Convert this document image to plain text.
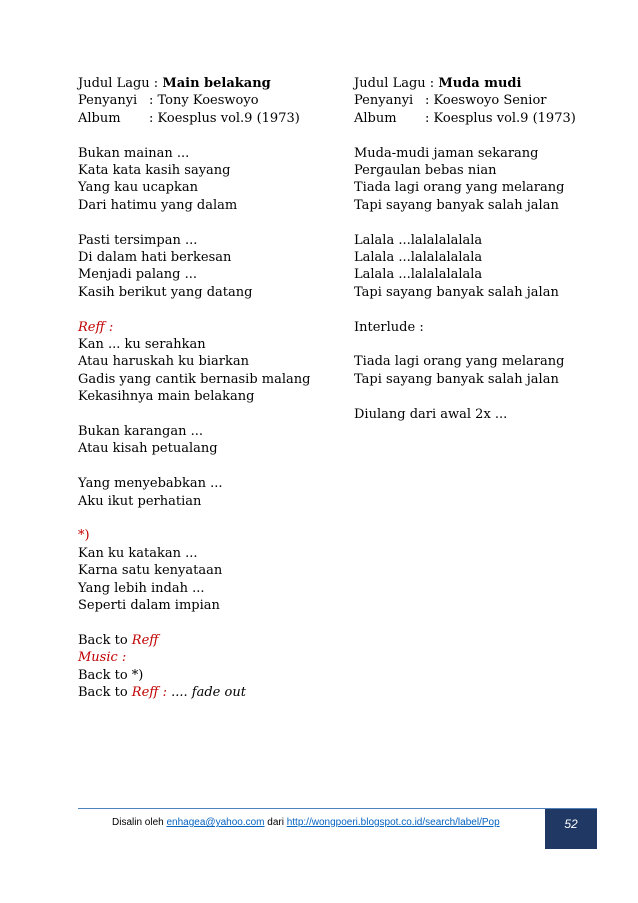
Judul Lagu : Main belakang
Penyanyi : Tony Koeswoyo
Album : Koesplus vol.9 (1973)
Bukan mainan ...
Kata kata kasih sayang
Yang kau ucapkan
Dari hatimu yang dalam
Pasti tersimpan ...
Di dalam hati berkesan
Menjadi palang ...
Kasih berikut yang datang
Reff :
Kan ... ku serahkan
Atau haruskah ku biarkan
Gadis yang cantik bernasib malang
Kekasihnya main belakang
Bukan karangan ...
Atau kisah petualang
Yang menyebabkan ...
Aku ikut perhatian
*)
Kan ku katakan ...
Karna satu kenyataan
Yang lebih indah ...
Seperti dalam impian
Back to Reff
Music :
Back to *)
Back to Reff : .... fade out
Judul Lagu : Muda mudi
Penyanyi : Koeswoyo Senior
Album : Koesplus vol.9 (1973)
Muda-mudi jaman sekarang
Pergaulan bebas nian
Tiada lagi orang yang melarang
Tapi sayang banyak salah jalan
Lalala ...lalalalalala
Lalala ...lalalalalala
Lalala ...lalalalalala
Tapi sayang banyak salah jalan
Interlude :
Tiada lagi orang yang melarang
Tapi sayang banyak salah jalan
Diulang dari awal 2x ...
Disalin oleh enhagea@yahoo.com dari http://wongpoeri.blogspot.co.id/search/label/Pop	52
